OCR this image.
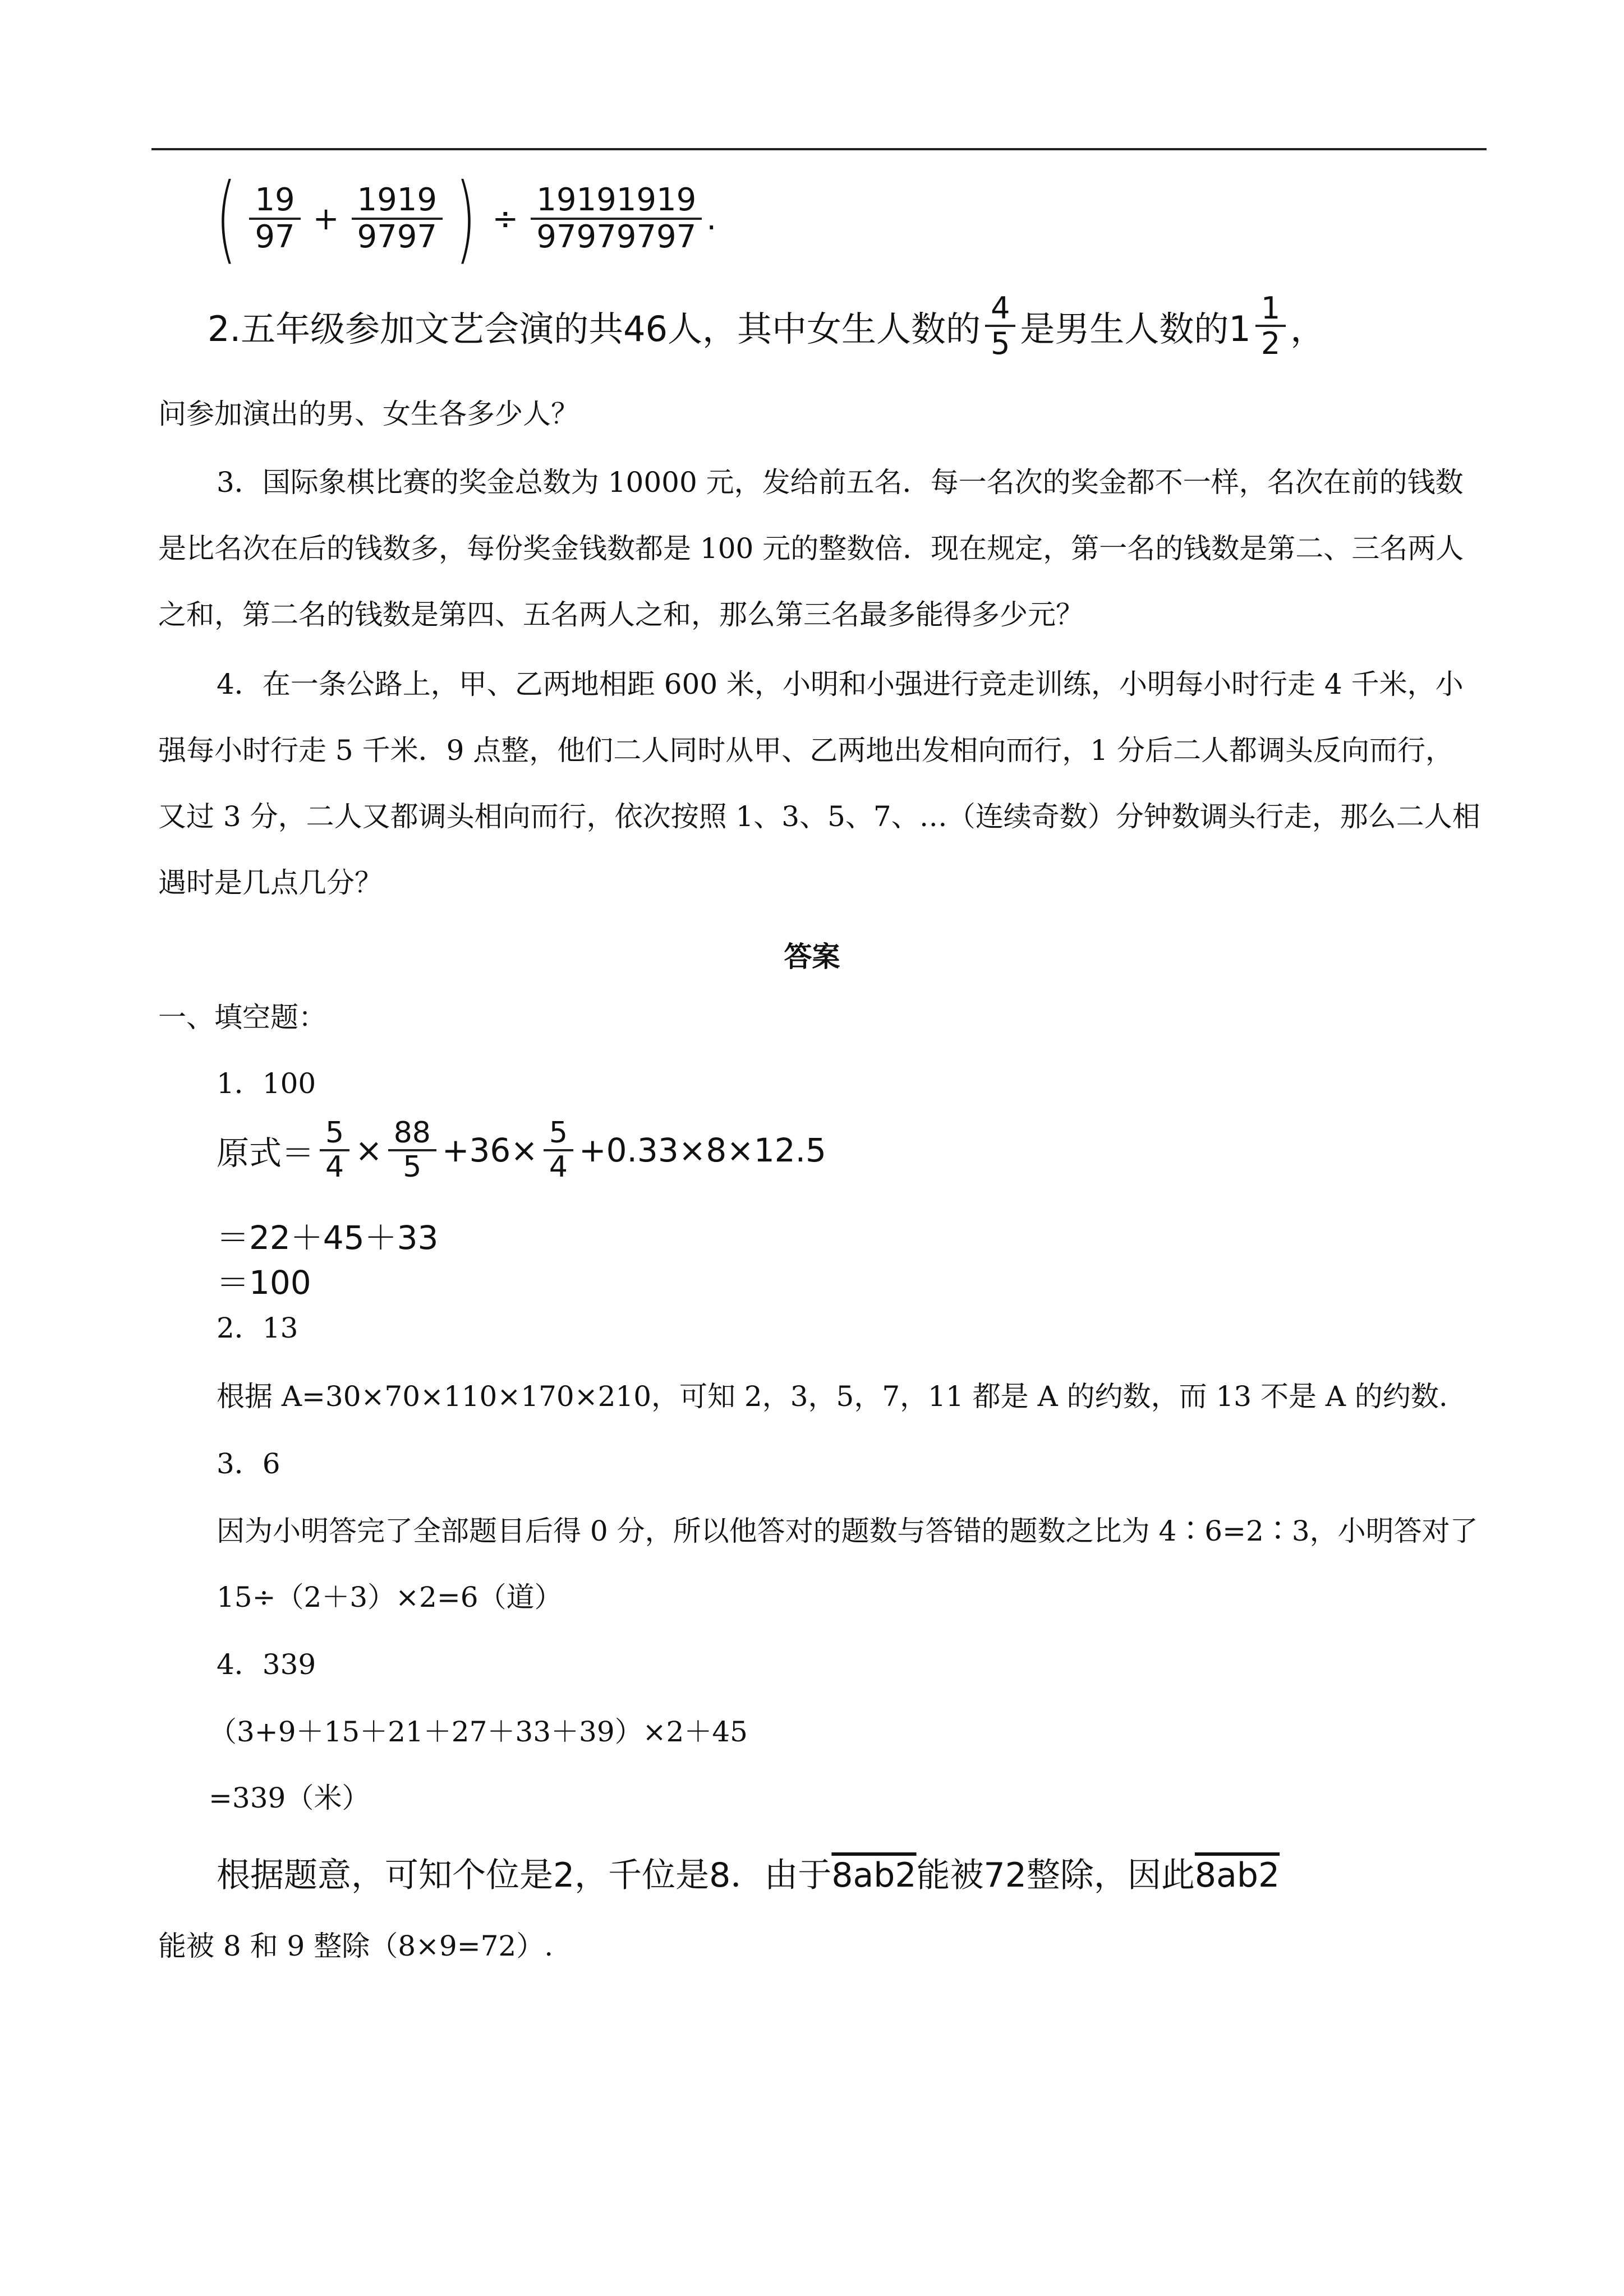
( $\frac{19}{97} + \frac{1919}{9797}$ ) ÷ $\frac{19191919}{97979797}$ .
2.五年级参加文艺会演的共46人，其中女生人数的 $\frac{4}{5}$ 是男生人数的$1 \frac{1}{2}$ ，
问参加演出的男、女生各多少人？
3．国际象棋比赛的奖金总数为 10000 元，发给前五名．每一名次的奖金都不一样，名次在前的钱数
是比名次在后的钱数多，每份奖金钱数都是 100 元的整数倍．现在规定，第一名的钱数是第二、三名两人
之和，第二名的钱数是第四、五名两人之和，那么第三名最多能得多少元？
4．在一条公路上，甲、乙两地相距 600 米，小明和小强进行竞走训练，小明每小时行走 4 千米，小
强每小时行走 5 千米．9 点整，他们二人同时从甲、乙两地出发相向而行，1 分后二人都调头反向而行，
又过 3 分，二人又都调头相向而行，依次按照 1、3、5、7、…（连续奇数）分钟数调头行走，那么二人相
遇时是几点几分？
答案
一、填空题：
1．100
原式＝ $\frac{5}{4} \times \frac{88}{5} +36\times \frac{5}{4} +0.33\times 8\times 12.5$
＝22＋45＋33
＝100
2．13
根据 A=30×70×110×170×210，可知 2，3，5，7，11 都是 A 的约数，而 13 不是 A 的约数.
3．6
因为小明答完了全部题目后得 0 分，所以他答对的题数与答错的题数之比为 4∶6=2∶3，小明答对了
15÷（2＋3）×2=6（道）
4．339
（3+9＋15＋21＋27＋33＋39）×2＋45
=339（米）
根据题意，可知个位是2，千位是8．由于8ab2能被72整除，因此8ab2
能被 8 和 9 整除（8×9=72）.
